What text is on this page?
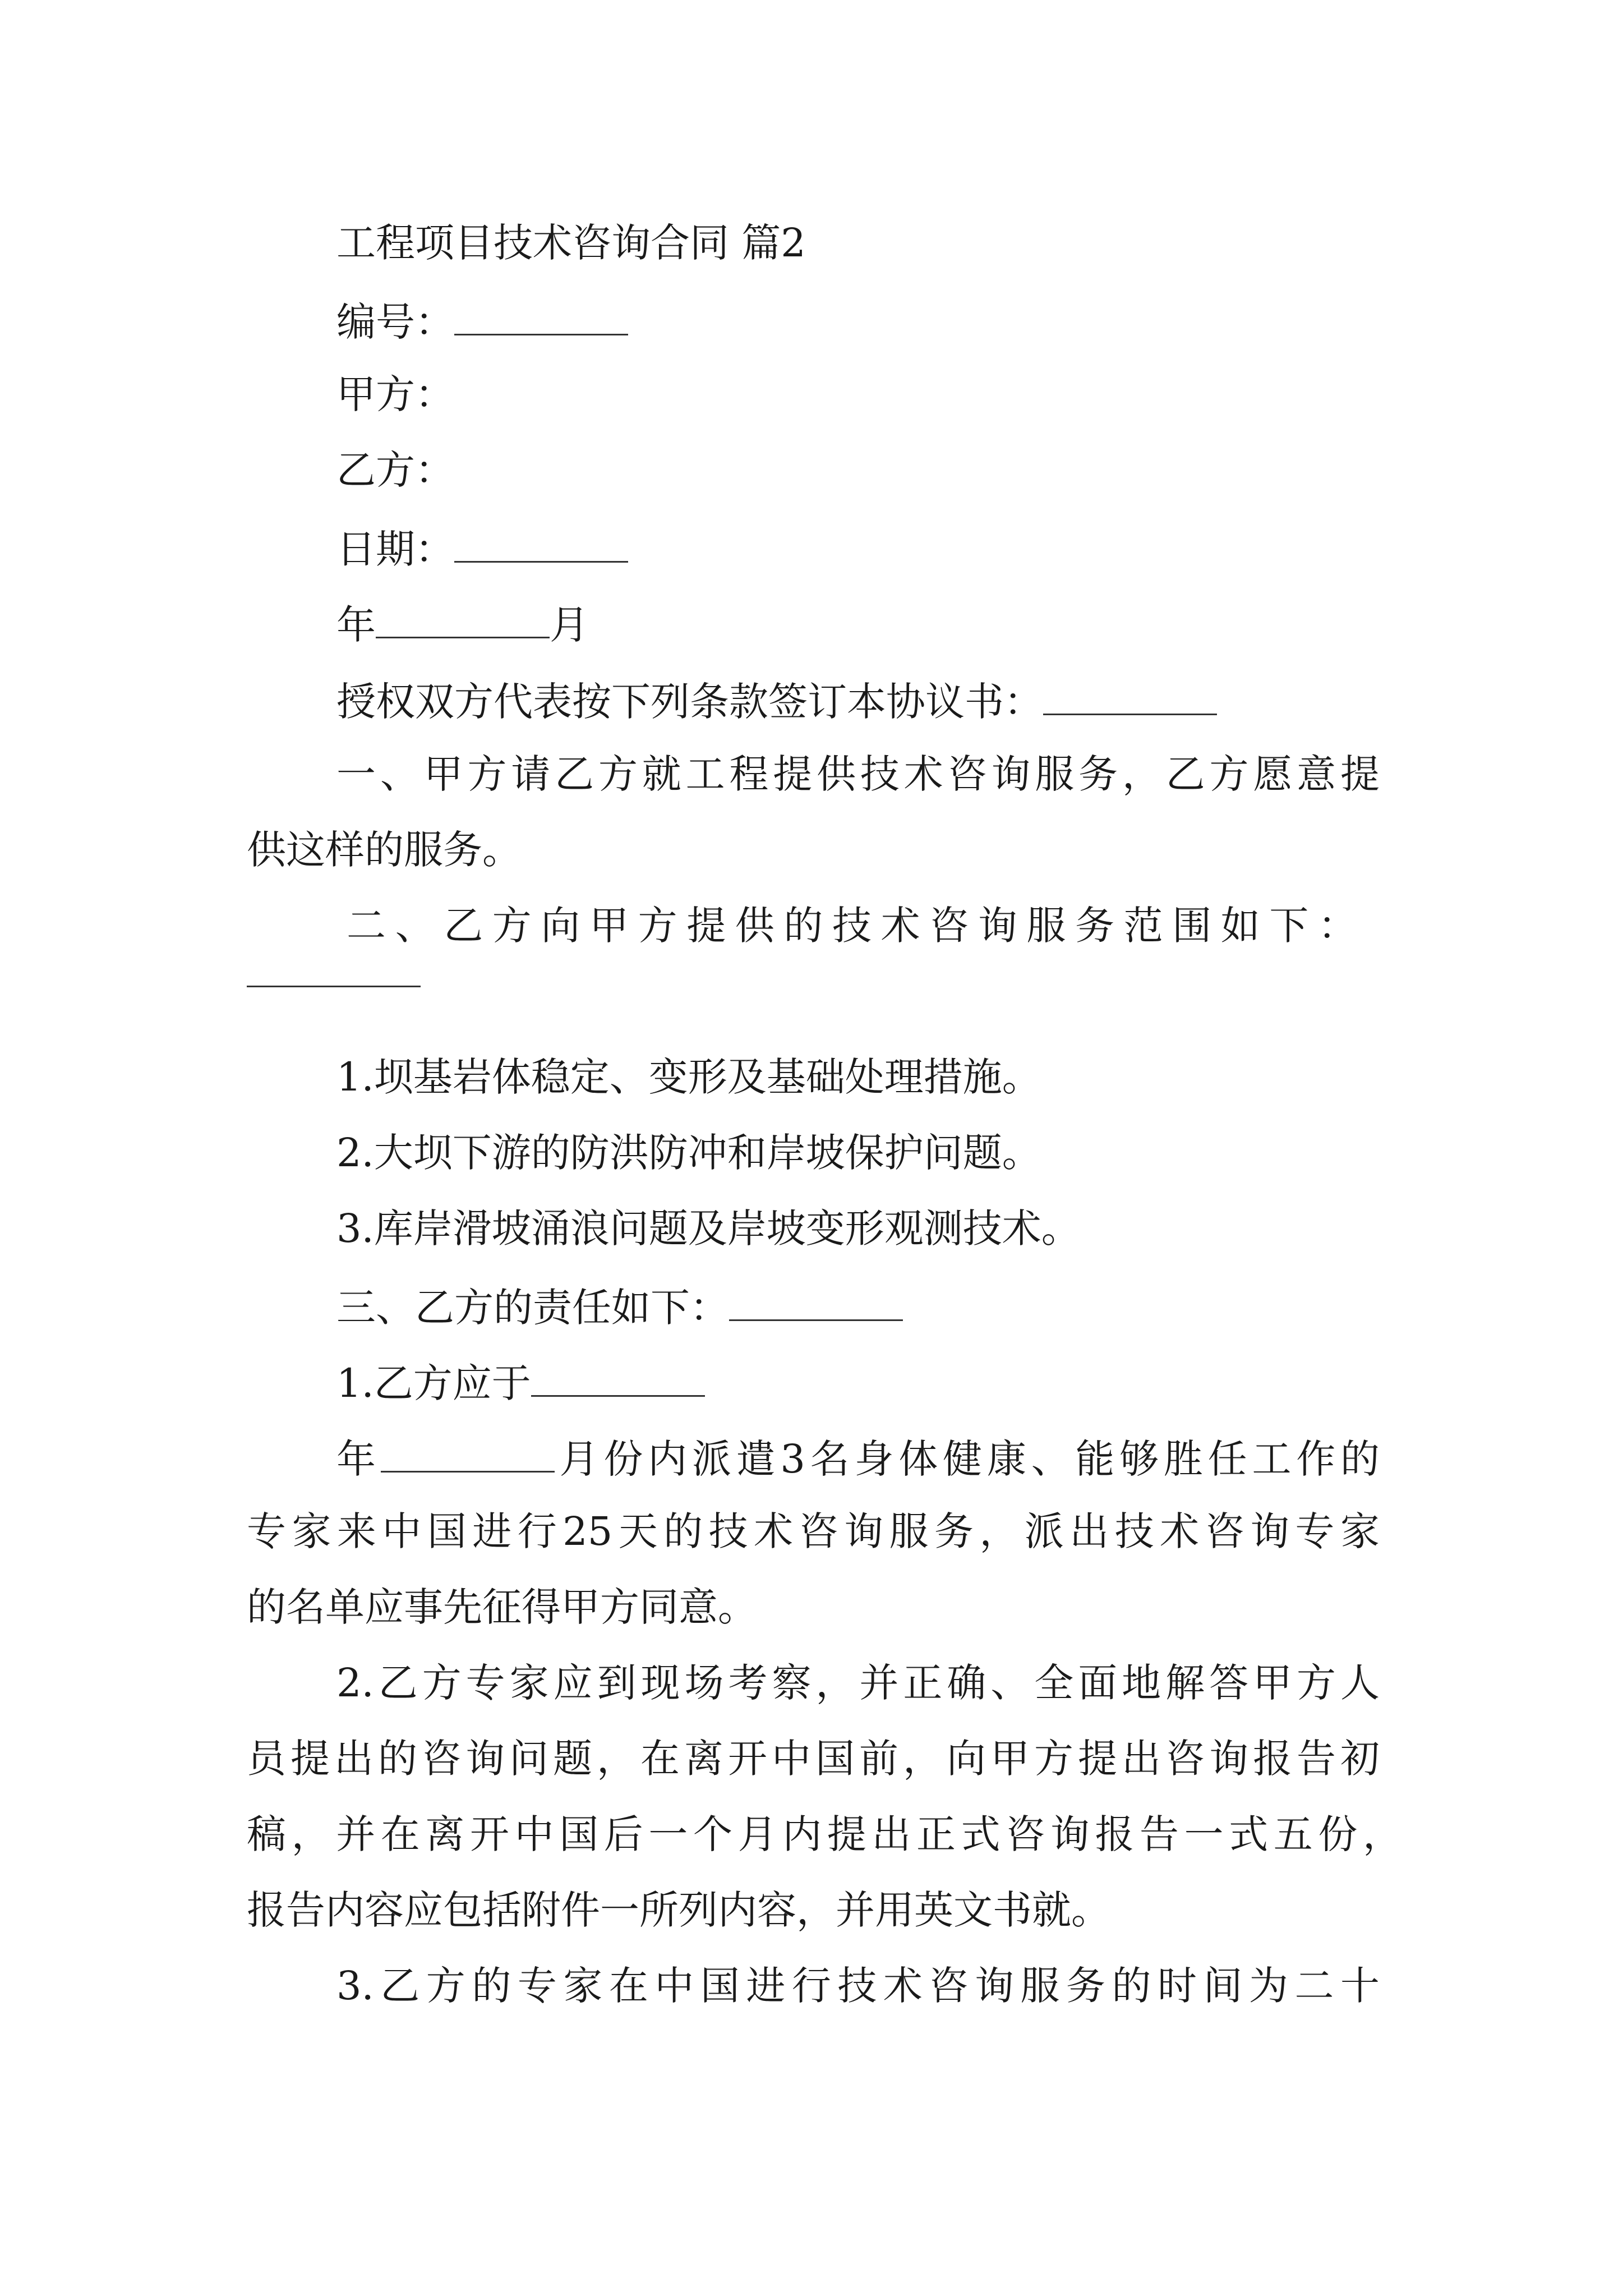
工程项目技术咨询合同 篇2

编号：

甲方：

乙方：

日期：

年	月

授权双方代表按下列条款签订本协议书：

一、甲方请乙方就工程提供技术咨询服务，乙方愿意提

供这样的服务。

二、乙方向甲方提供的技术咨询服务范围如下：

1.坝基岩体稳定、变形及基础处理措施。

2.大坝下游的防洪防冲和岸坡保护问题。

3.库岸滑坡涌浪问题及岸坡变形观测技术。

三、乙方的责任如下：

1.乙方应于

年	月份内派遣3名身体健康、能够胜任工作的

专家来中国进行25天的技术咨询服务，派出技术咨询专家

的名单应事先征得甲方同意。

2.乙方专家应到现场考察，并正确、全面地解答甲方人

员提出的咨询问题，在离开中国前，向甲方提出咨询报告初

稿，并在离开中国后一个月内提出正式咨询报告一式五份，

报告内容应包括附件一所列内容，并用英文书就。

3.乙方的专家在中国进行技术咨询服务的时间为二十
